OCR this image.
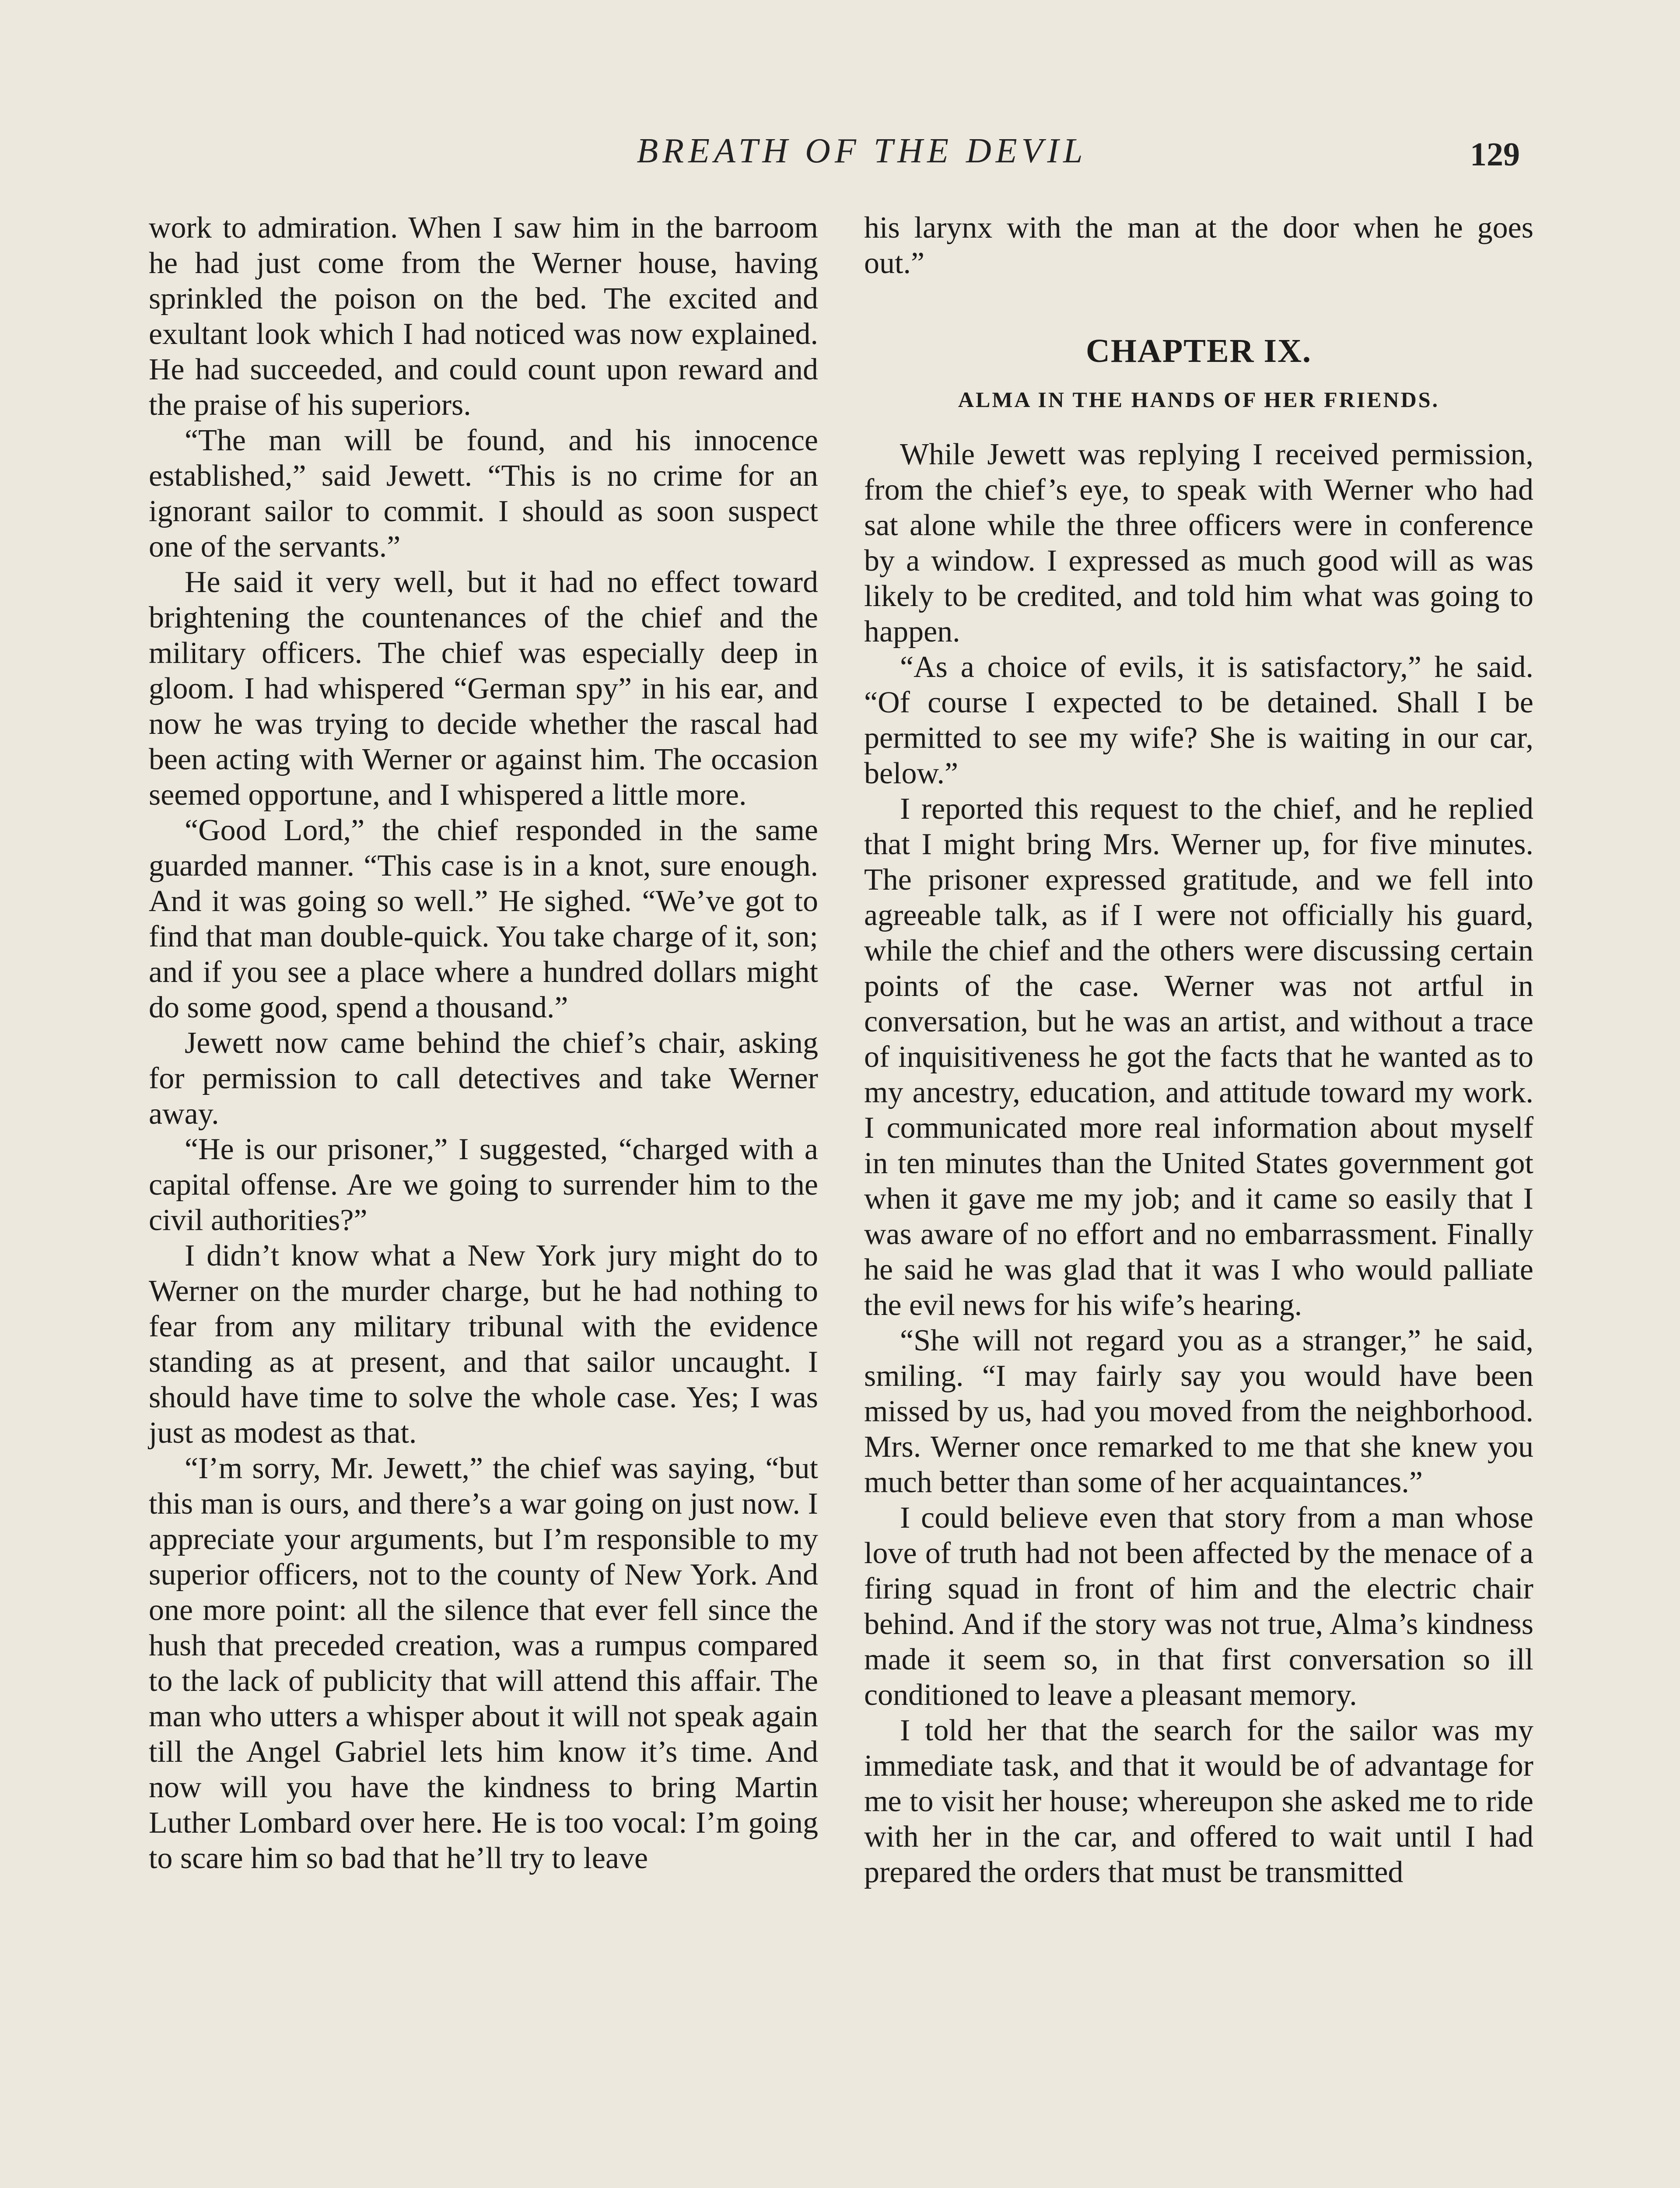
BREATH OF THE DEVIL	129

work to admiration. When I saw him in the barroom he had just come from the Werner house, having sprinkled the poison on the bed. The excited and exultant look which I had noticed was now explained. He had succeeded, and could count upon reward and the praise of his superiors.

“The man will be found, and his innocence established,” said Jewett. “This is no crime for an ignorant sailor to commit. I should as soon suspect one of the servants.”

He said it very well, but it had no effect toward brightening the countenances of the chief and the military officers. The chief was especially deep in gloom. I had whispered “German spy” in his ear, and now he was trying to decide whether the rascal had been acting with Werner or against him. The occasion seemed opportune, and I whispered a little more.

“Good Lord,” the chief responded in the same guarded manner. “This case is in a knot, sure enough. And it was going so well.” He sighed. “We’ve got to find that man double-quick. You take charge of it, son; and if you see a place where a hundred dollars might do some good, spend a thousand.”

Jewett now came behind the chief’s chair, asking for permission to call detectives and take Werner away.

“He is our prisoner,” I suggested, “charged with a capital offense. Are we going to surrender him to the civil authorities?”

I didn’t know what a New York jury might do to Werner on the murder charge, but he had nothing to fear from any military tribunal with the evidence standing as at present, and that sailor uncaught. I should have time to solve the whole case. Yes; I was just as modest as that.

“I’m sorry, Mr. Jewett,” the chief was saying, “but this man is ours, and there’s a war going on just now. I appreciate your arguments, but I’m responsible to my superior officers, not to the county of New York. And one more point: all the silence that ever fell since the hush that preceded creation, was a rumpus compared to the lack of publicity that will attend this affair. The man who utters a whisper about it will not speak again till the Angel Gabriel lets him know it’s time. And now will you have the kindness to bring Martin Luther Lombard over here. He is too vocal: I’m going to scare him so bad that he’ll try to leave

his larynx with the man at the door when he goes out.”

CHAPTER IX.
ALMA IN THE HANDS OF HER FRIENDS.

While Jewett was replying I received permission, from the chief’s eye, to speak with Werner who had sat alone while the three officers were in conference by a window. I expressed as much good will as was likely to be credited, and told him what was going to happen.

“As a choice of evils, it is satisfactory,” he said. “Of course I expected to be detained. Shall I be permitted to see my wife? She is waiting in our car, below.”

I reported this request to the chief, and he replied that I might bring Mrs. Werner up, for five minutes. The prisoner expressed gratitude, and we fell into agreeable talk, as if I were not officially his guard, while the chief and the others were discussing certain points of the case. Werner was not artful in conversation, but he was an artist, and without a trace of inquisitiveness he got the facts that he wanted as to my ancestry, education, and attitude toward my work. I communicated more real information about myself in ten minutes than the United States government got when it gave me my job; and it came so easily that I was aware of no effort and no embarrassment. Finally he said he was glad that it was I who would palliate the evil news for his wife’s hearing.

“She will not regard you as a stranger,” he said, smiling. “I may fairly say you would have been missed by us, had you moved from the neighborhood. Mrs. Werner once remarked to me that she knew you much better than some of her acquaintances.”

I could believe even that story from a man whose love of truth had not been affected by the menace of a firing squad in front of him and the electric chair behind. And if the story was not true, Alma’s kindness made it seem so, in that first conversation so ill conditioned to leave a pleasant memory.

I told her that the search for the sailor was my immediate task, and that it would be of advantage for me to visit her house; whereupon she asked me to ride with her in the car, and offered to wait until I had prepared the orders that must be transmitted
